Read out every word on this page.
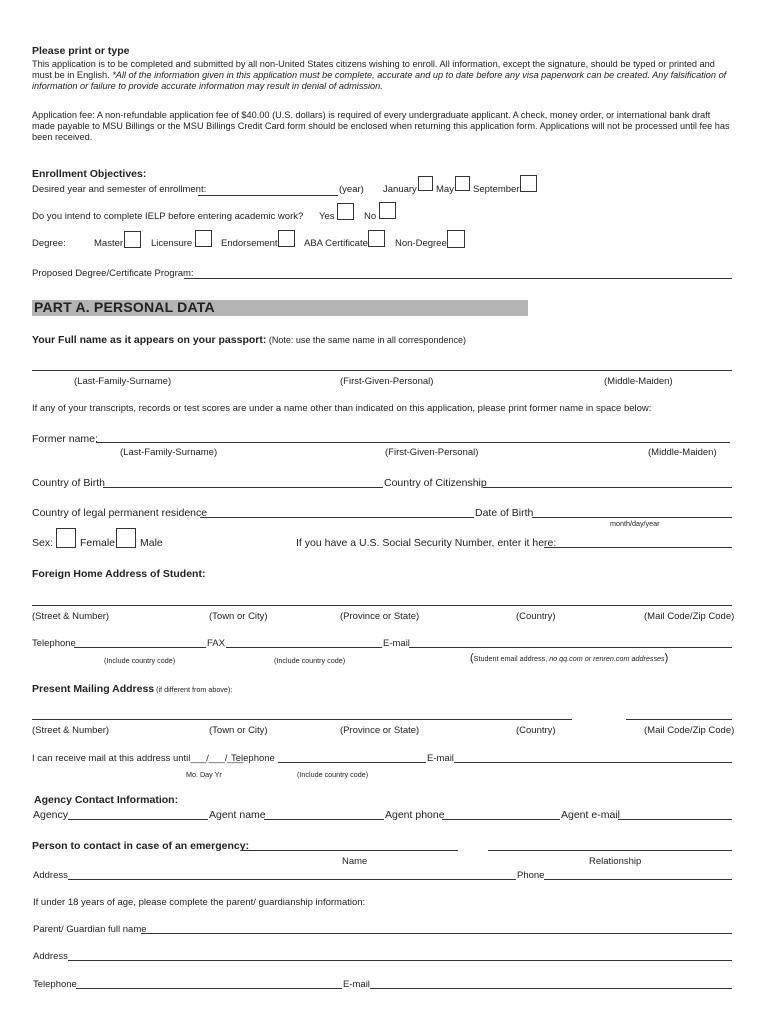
Please print or type
This application is to be completed and submitted by all non-United States citizens wishing to enroll. All information, except the signature, should be typed or printed and must be in English. *All of the information given in this application must be complete, accurate and up to date before any visa paperwork can be created. Any falsification of information or failure to provide accurate information may result in denial of admission.
Application fee: A non-refundable application fee of $40.00 (U.S. dollars) is required of every undergraduate applicant. A check, money order, or international bank draft made payable to MSU Billings or the MSU Billings Credit Card form should be enclosed when returning this application form. Applications will not be processed until fee has been received.
Enrollment Objectives:
Desired year and semester of enrollment:	(year) January May September
Do you intend to complete IELP before entering academic work? Yes	No
Degree:	Master	Licensure	Endorsement	ABA Certificate	Non-Degree
Proposed Degree/Certificate Program:
PART A. PERSONAL DATA
Your Full name as it appears on your passport: (Note: use the same name in all correspondence)
(Last-Family-Surname)	(First-Given-Personal)	(Middle-Maiden)
If any of your transcripts, records or test scores are under a name other than indicated on this application, please print former name in space below:
Former name:
(Last-Family-Surname)	(First-Given-Personal)	(Middle-Maiden)
Country of Birth	Country of Citizenship
Country of legal permanent residence	Date of Birth
month/day/year
Sex:	Female Male	If you have a U.S. Social Security Number, enter it here:
Foreign Home Address of Student:
(Street & Number)	(Town or City)	(Province or State)	(Country)	(Mail Code/Zip Code)
Telephone	FAX	E-mail
(Include country code)	(Include country code)	(Student email address, no qq.com or renren.com addresses)
Present Mailing Address (if different from above):
(Street & Number)	(Town or City)	(Province or State)	(Country)	(Mail Code/Zip Code)
I can receive mail at this address until___/___/___
Telephone	E-mail
Mo. Day Yr	(Include country code)
Agency Contact Information:
Agency	Agent name	Agent phone	Agent e-mail
Person to contact in case of an emergency:
Name	Relationship
Address	Phone
If under 18 years of age, please complete the parent/ guardianship information:
Parent/ Guardian full name
Address
Telephone	E-mail
